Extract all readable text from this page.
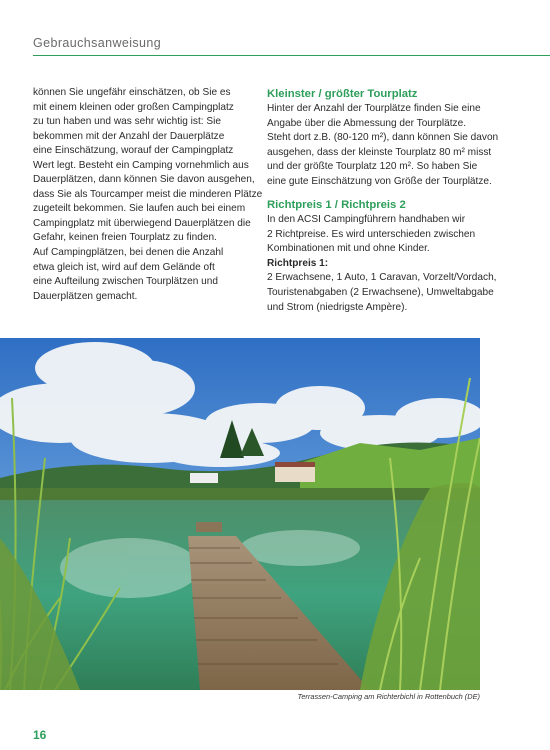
Gebrauchsanweisung
können Sie ungefähr einschätzen, ob Sie es
mit einem kleinen oder großen Campingplatz
zu tun haben und was sehr wichtig ist: Sie
bekommen mit der Anzahl der Dauerplätze
eine Einschätzung, worauf der Campingplatz
Wert legt. Besteht ein Camping vornehmlich aus
Dauerplätzen, dann können Sie davon ausgehen,
dass Sie als Tourcamper meist die minderen Plätze
zugeteilt bekommen. Sie laufen auch bei einem
Campingplatz mit überwiegend Dauerplätzen die
Gefahr, keinen freien Tourplatz zu finden.
Auf Campingplätzen, bei denen die Anzahl
etwa gleich ist, wird auf dem Gelände oft
eine Aufteilung zwischen Tourplätzen und
Dauerplätzen gemacht.
Kleinster / größter Tourplatz
Hinter der Anzahl der Tourplätze finden Sie eine
Angabe über die Abmessung der Tourplätze.
Steht dort z.B. (80-120 m²), dann können Sie davon
ausgehen, dass der kleinste Tourplatz 80 m² misst
und der größte Tourplatz 120 m². So haben Sie
eine gute Einschätzung von Größe der Tourplätze.
Richtpreis 1 / Richtpreis 2
In den ACSI Campingführern handhaben wir
2 Richtpreise. Es wird unterschieden zwischen
Kombinationen mit und ohne Kinder.
Richtpreis 1:
2 Erwachsene, 1 Auto, 1 Caravan, Vorzelt/Vordach,
Touristenabgaben (2 Erwachsene), Umweltabgabe
und Strom (niedrigste Ampère).
Terrassen-Camping am Richterbichl in Rottenbuch (DE)
16
